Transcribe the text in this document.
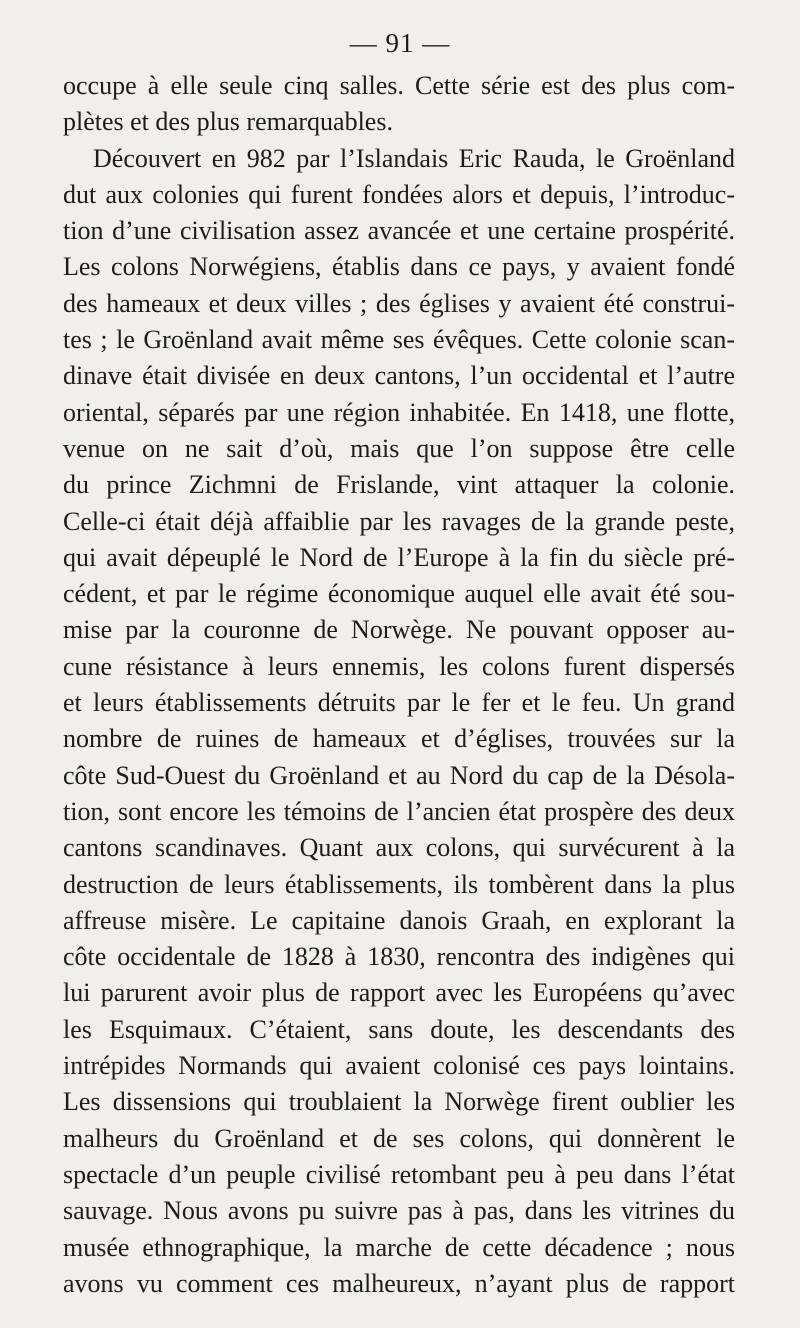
— 91 —
occupe à elle seule cinq salles. Cette série est des plus com-
plètes et des plus remarquables.
Découvert en 982 par l’Islandais Eric Rauda, le Groënland
dut aux colonies qui furent fondées alors et depuis, l’introduc-
tion d’une civilisation assez avancée et une certaine prospérité.
Les colons Norwégiens, établis dans ce pays, y avaient fondé
des hameaux et deux villes ; des églises y avaient été construi-
tes ; le Groënland avait même ses évêques. Cette colonie scan-
dinave était divisée en deux cantons, l’un occidental et l’autre
oriental, séparés par une région inhabitée. En 1418, une flotte,
venue on ne sait d’où, mais que l’on suppose être celle
du prince Zichmni de Frislande, vint attaquer la colonie.
Celle-ci était déjà affaiblie par les ravages de la grande peste,
qui avait dépeuplé le Nord de l’Europe à la fin du siècle pré-
cédent, et par le régime économique auquel elle avait été sou-
mise par la couronne de Norwège. Ne pouvant opposer au-
cune résistance à leurs ennemis, les colons furent dispersés
et leurs établissements détruits par le fer et le feu. Un grand
nombre de ruines de hameaux et d’églises, trouvées sur la
côte Sud-Ouest du Groënland et au Nord du cap de la Désola-
tion, sont encore les témoins de l’ancien état prospère des deux
cantons scandinaves. Quant aux colons, qui survécurent à la
destruction de leurs établissements, ils tombèrent dans la plus
affreuse misère. Le capitaine danois Graah, en explorant la
côte occidentale de 1828 à 1830, rencontra des indigènes qui
lui parurent avoir plus de rapport avec les Européens qu’avec
les Esquimaux. C’étaient, sans doute, les descendants des
intrépides Normands qui avaient colonisé ces pays lointains.
Les dissensions qui troublaient la Norwège firent oublier les
malheurs du Groënland et de ses colons, qui donnèrent le
spectacle d’un peuple civilisé retombant peu à peu dans l’état
sauvage. Nous avons pu suivre pas à pas, dans les vitrines du
musée ethnographique, la marche de cette décadence ; nous
avons vu comment ces malheureux, n’ayant plus de rapport
